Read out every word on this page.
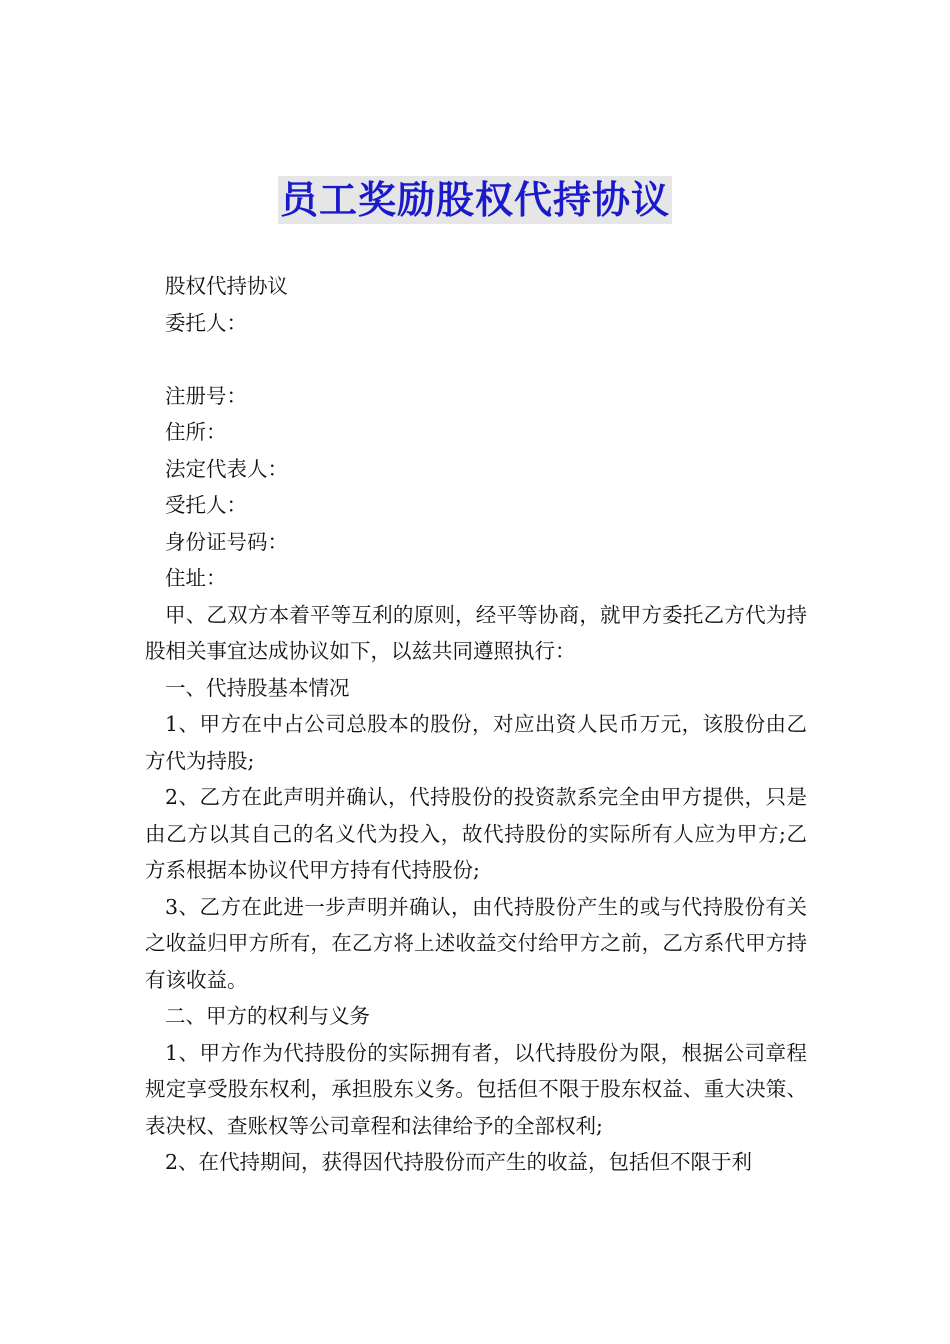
员工奖励股权代持协议

股权代持协议

委托人：

注册号：

住所：

法定代表人：

受托人：

身份证号码：

住址：

甲、乙双方本着平等互利的原则，经平等协商，就甲方委托乙方代为持股相关事宜达成协议如下，以兹共同遵照执行：

一、代持股基本情况

1、甲方在中占公司总股本的股份，对应出资人民币万元，该股份由乙方代为持股;

2、乙方在此声明并确认，代持股份的投资款系完全由甲方提供，只是由乙方以其自己的名义代为投入，故代持股份的实际所有人应为甲方;乙方系根据本协议代甲方持有代持股份;

3、乙方在此进一步声明并确认，由代持股份产生的或与代持股份有关之收益归甲方所有，在乙方将上述收益交付给甲方之前，乙方系代甲方持有该收益。

二、甲方的权利与义务

1、甲方作为代持股份的实际拥有者，以代持股份为限，根据公司章程规定享受股东权利，承担股东义务。包括但不限于股东权益、重大决策、表决权、查账权等公司章程和法律给予的全部权利;

2、在代持期间，获得因代持股份而产生的收益，包括但不限于利
